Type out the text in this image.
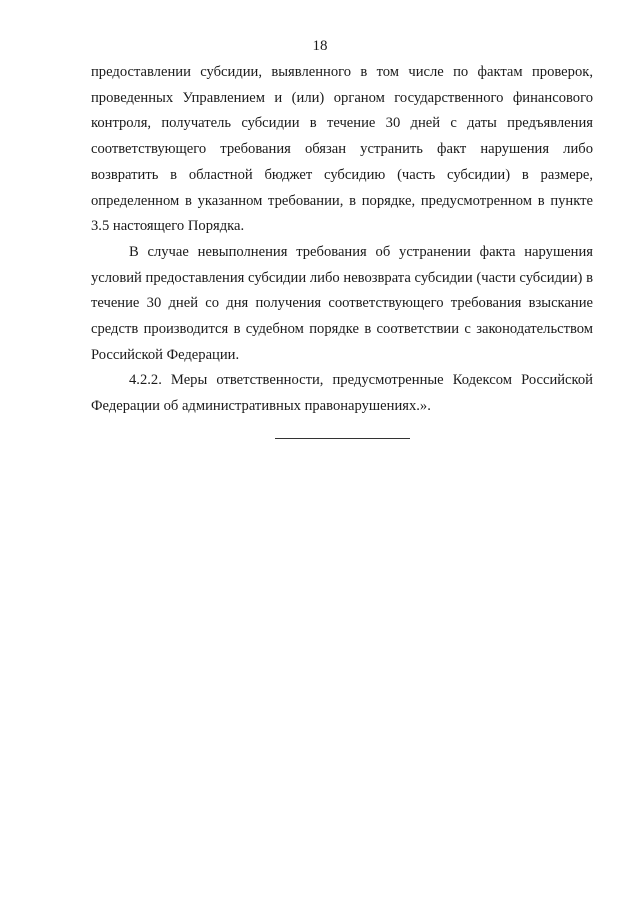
18

предоставлении субсидии, выявленного в том числе по фактам проверок, проведенных Управлением и (или) органом государственного финансового контроля, получатель субсидии в течение 30 дней с даты предъявления соответствующего требования обязан устранить факт нарушения либо возвратить в областной бюджет субсидию (часть субсидии) в размере, определенном в указанном требовании, в порядке, предусмотренном в пункте 3.5 настоящего Порядка.

В случае невыполнения требования об устранении факта нарушения условий предоставления субсидии либо невозврата субсидии (части субсидии) в течение 30 дней со дня получения соответствующего требования взыскание средств производится в судебном порядке в соответствии с законодательством Российской Федерации.

4.2.2. Меры ответственности, предусмотренные Кодексом Российской Федерации об административных правонарушениях.».
